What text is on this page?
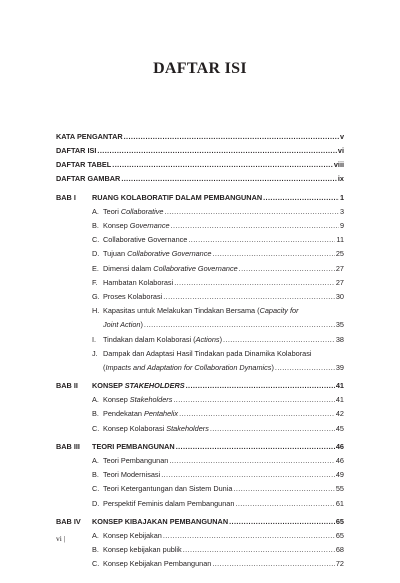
DAFTAR ISI
KATA PENGANTAR .....	v
DAFTAR ISI .....	vi
DAFTAR TABEL .....	viii
DAFTAR GAMBAR .....	ix
BAB I	RUANG KOLABORATIF DALAM PEMBANGUNAN .....	1
A. Teori Collaborative .....	3
B. Konsep Governance .....	9
C. Collaborative Governance .....	11
D. Tujuan Collaborative Governance .....	25
E. Dimensi dalam Collaborative Governance .....	27
F. Hambatan Kolaborasi .....	27
G. Proses Kolaborasi .....	30
H. Kapasitas untuk Melakukan Tindakan Bersama (Capacity for
Joint Action) .....	35
I. Tindakan dalam Kolaborasi (Actions) .....	38
J. Dampak dan Adaptasi Hasil Tindakan pada Dinamika Kolaborasi
(Impacts and Adaptation for Collaboration Dynamics) .....	39
BAB II	KONSEP STAKEHOLDERS .....	41
A. Konsep Stakeholders .....	41
B. Pendekatan Pentahelix .....	42
C. Konsep Kolaborasi Stakeholders .....	45
BAB III	TEORI PEMBANGUNAN .....	46
A. Teori Pembangunan .....	46
B. Teori Modernisasi .....	49
C. Teori Ketergantungan dan Sistem Dunia .....	55
D. Perspektif Feminis dalam Pembangunan .....	61
BAB IV	KONSEP KIBAJAKAN PEMBANGUNAN .....	65
A. Konsep Kebijakan .....	65
B. Konsep kebijakan publik .....	68
C. Konsep Kebijakan Pembangunan .....	72
vi |
